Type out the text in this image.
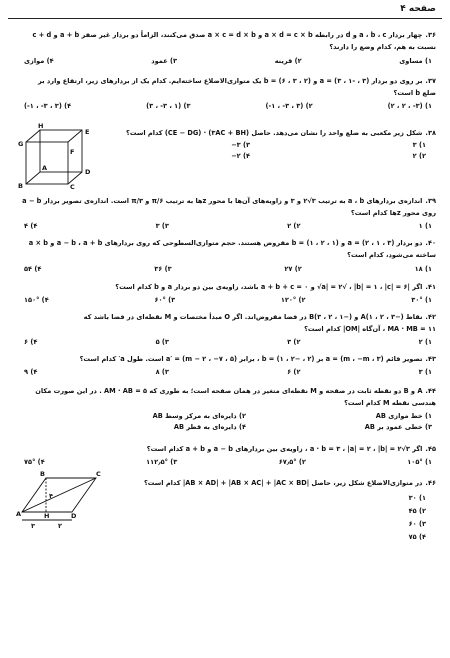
صفحه ۴
۳۶.چهار بردار a ، b ، c و d در رابطه a × d = c × b و a × c = d × b صدق می‌کنند، الزاماً دو بردار غیر صفر a + b و c + d
نسبت به هم، کدام وضع را دارند؟
۱) مساوی
۲) قرینه
۳) عمود
۴) موازی
۳۷.بر روی دو بردار a = (۳ ، ۱- ، ۳) و b = (۶ ، ۳ ، ۲) یک متوازی‌الاضلاع ساخته‌ایم. کدام یک از بردارهای زیر، ارتفاع وارد بر
ضلع b است؟
۱) (۳- ، ۲ ، ۲)
۲) (۳ ، ۳- ، ۱-)
۳) (۱ ، ۳- ، ۳)
۴) (۳ ، ۳- ، ۱-)
۳۸.شکل زیر مکعبی به ضلع واحد را نشان می‌دهد. حاصل (۳AC + BH) · (CE − DG) کدام است؟
۱) ۳
۲) ۲
۳) ۳−
۴) ۲−
H
E
G
F
D
A
B	C
۳۹.اندازه‌ی بردارهای a ، b به ترتیب ۳√۲ و ۳ و زاویه‌های آن‌ها با محور zها به ترتیب π/۶ و π/۳ است. اندازه‌ی تصویر بردار a − b
روی محور zها کدام است؟
۱) ۱
۲) ۲
۳) ۳
۴) ۴
۴۰.دو بردار a = (۲ ، ۱ ، ۳) و b = (۱ ، ۲ ، ۱) مفروض هستند. حجم متوازی‌السطوحی که روی بردارهای a − b ، a + b و a × b
ساخته می‌شود، کدام است؟
۱) ۱۸
۲) ۲۷
۳) ۳۶
۴) ۵۴
۴۱.اگر |a| = ۲√ ، |b| = ۱ ، |c| = ۶√ و a + b + c = ۰ باشد، زاویه‌ی بین دو بردار a و b کدام است؟
۱) ۳۰°
۲) ۱۲۰°
۳) ۶۰°
۴) ۱۵۰°
۴۲.نقاط A(۱ ، ۲ ، ۳−) و B(۳ ، ۲ ، ۱−) در فضا مفروض‌اند. اگر O مبدأ مختصات و M نقطه‌ای در فضا باشد که
MA · MB = ۱۱ ، آن‌گاه |OM| کدام است؟
۱) ۲
۲) ۳
۳) ۵
۴) ۶
۴۳.تصویر قائم a = (m ، −m ، ۳) بر b = (۱ ، ۲− ، ۲) ، برابر a′ = (m − ۲ ، −۷ ، ۵) است. طول a′ کدام است؟
۱) ۳
۲) ۶
۳) ۸
۴) ۹
۴۴.A و B دو نقطه ثابت در صفحه و M نقطه‌ای متغیر در همان صفحه است؛ به طوری که AM · AB = ۵ . در این صورت مکان
هندسی نقطه M کدام است؟
۱) خط موازی AB
۲) دایره‌ای به مرکز وسط AB
۳) خطی عمود بر AB
۴) دایره‌ای به قطر AB
۴۵.اگر a · b = ۳ ، |a| = ۲ ، |b| = ۲√۳ ، زاویه‌ی بین بردارهای a − b و a + b کدام است؟
۱) ۱۰۵°
۲) ۶۷٫۵°
۳) ۱۱۲٫۵°
۴) ۷۵°
۴۶.در متوازی‌الاضلاع شکل زیر، حاصل |AB × AD| + |AB × AC| + |AC × BD| کدام است؟
۱) ۳۰
۲) ۴۵
۳) ۶۰
۴) ۷۵
B	C
A	H	D
۴
۳	۲
